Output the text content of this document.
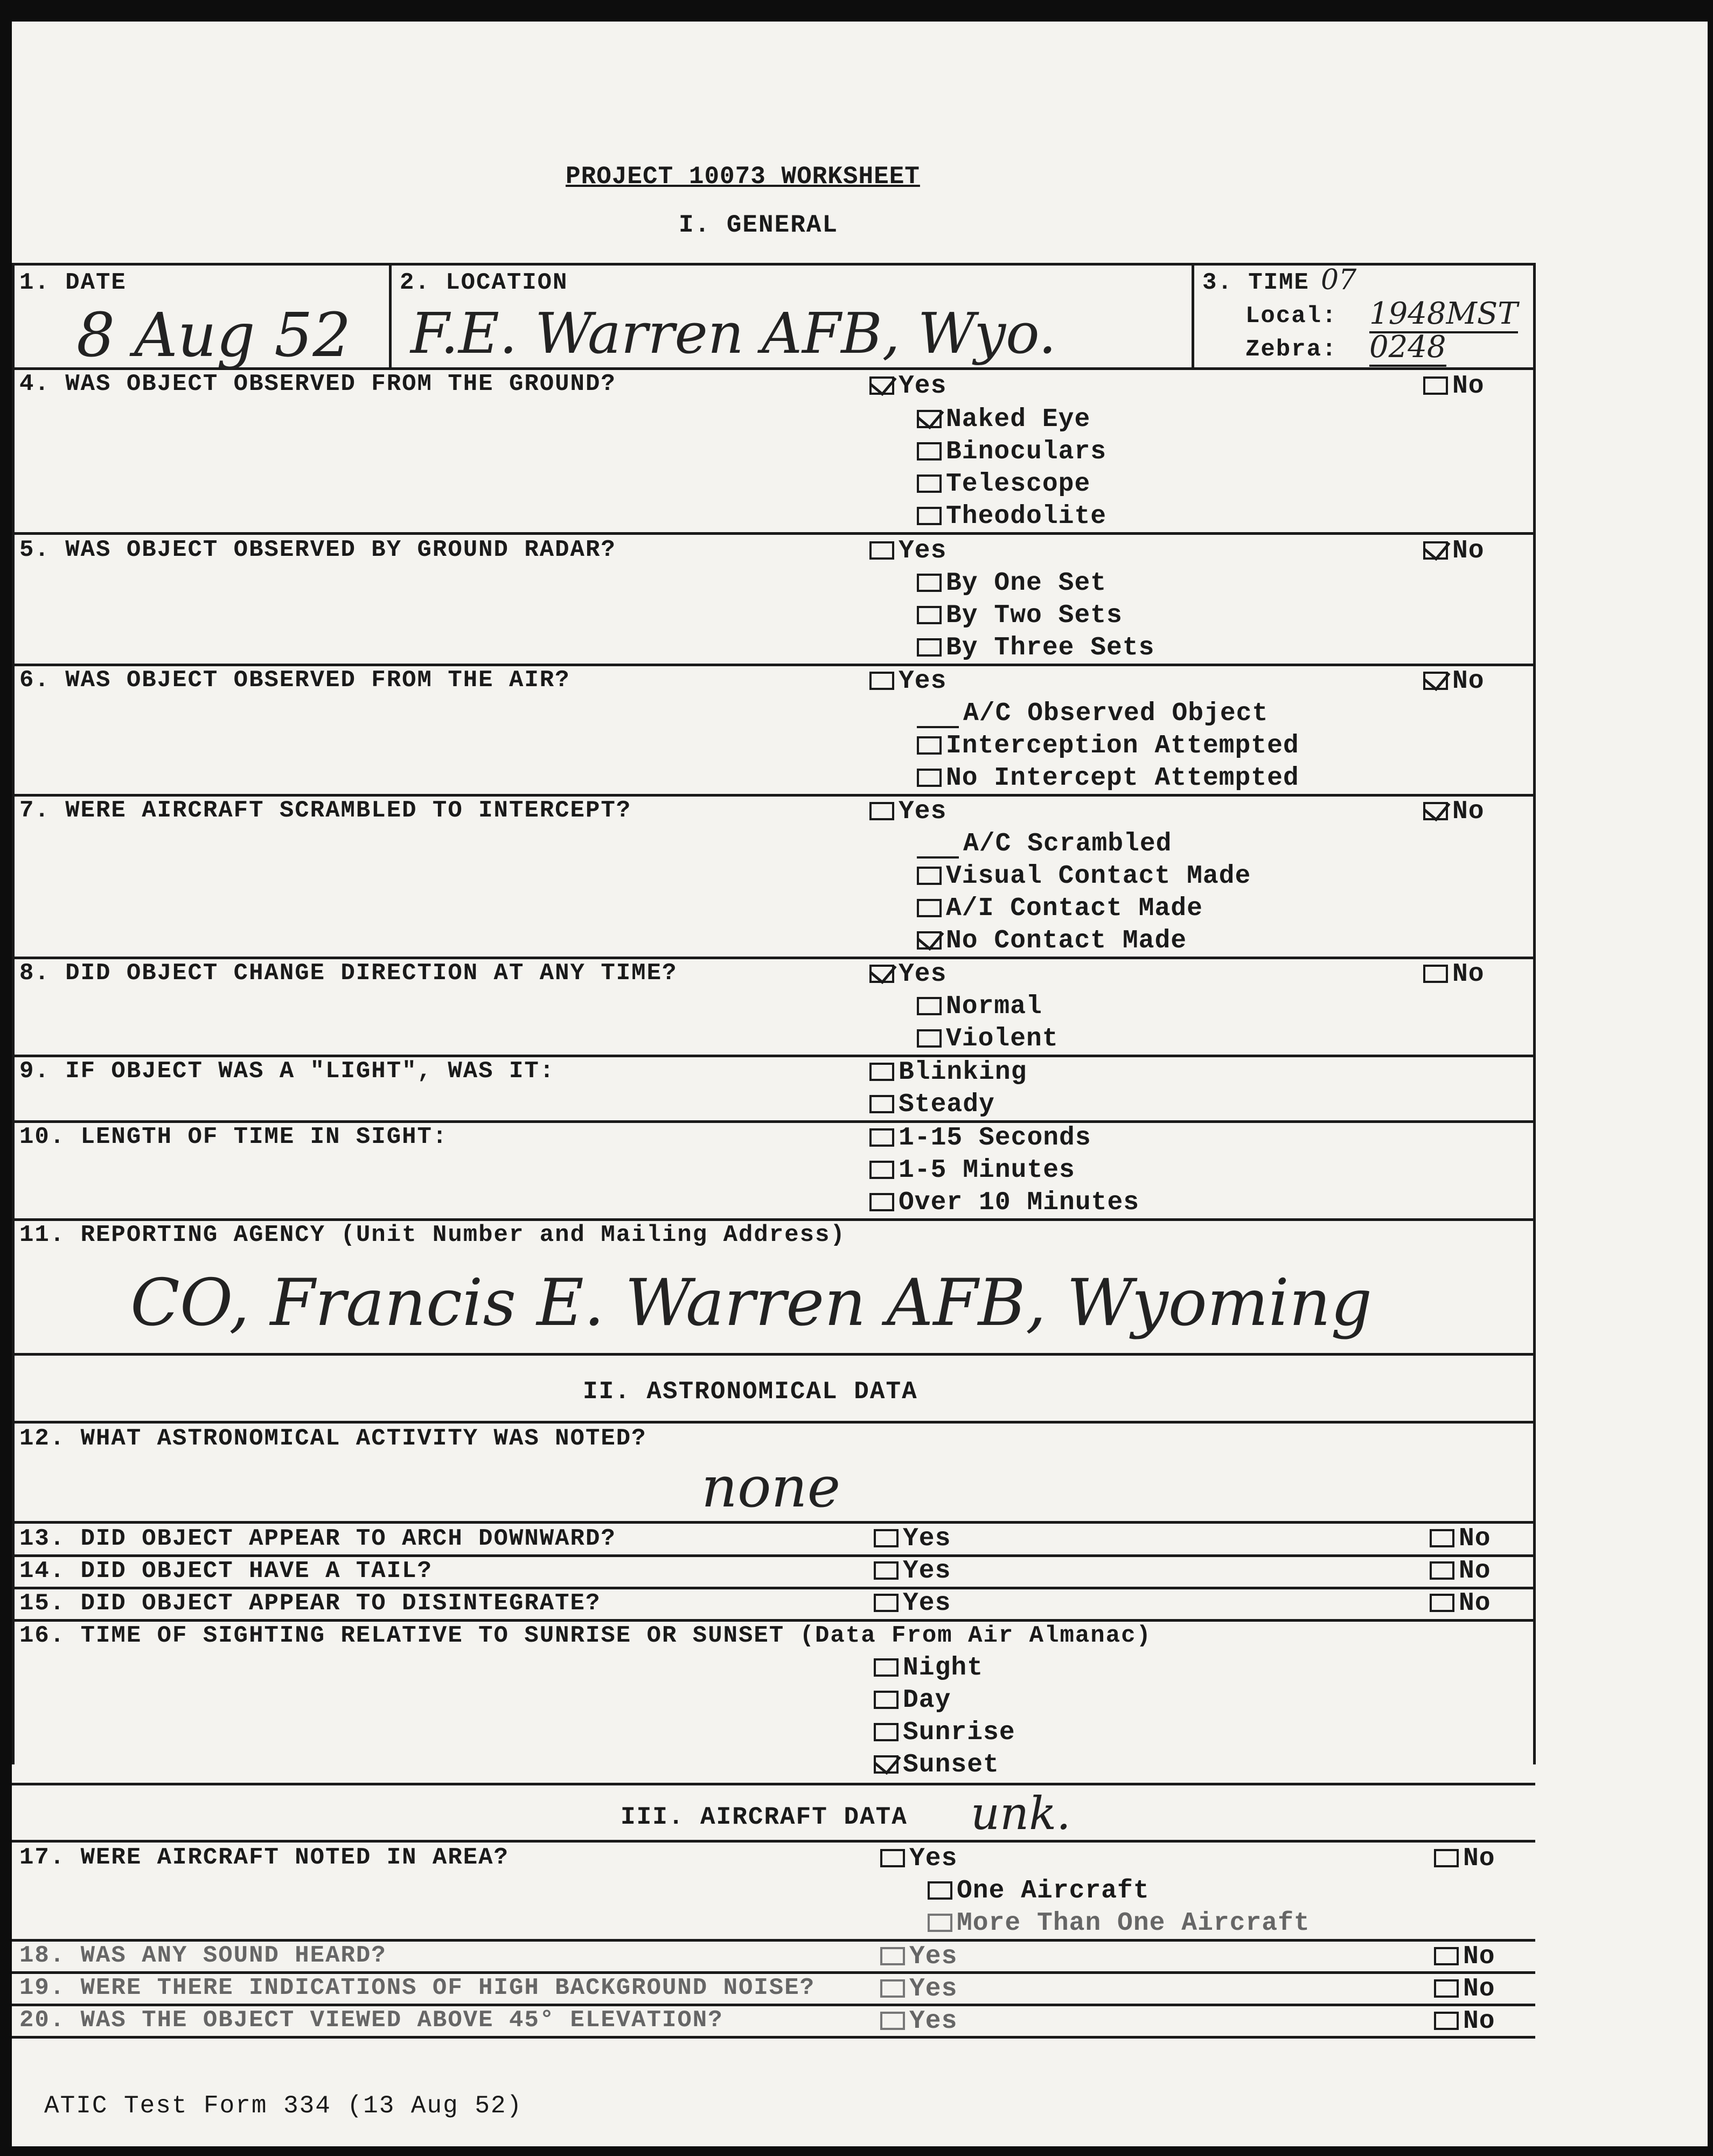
PROJECT 10073 WORKSHEET
I. GENERAL
1. DATE
8 Aug 52
2. LOCATION
F.E. Warren AFB, Wyo.
3. TIME 07
Local: 1948MST
Zebra: 0248
4. WAS OBJECT OBSERVED FROM THE GROUND?	Yes	No
Naked Eye
Binoculars
Telescope
Theodolite
5. WAS OBJECT OBSERVED BY GROUND RADAR?	Yes	No
By One Set
By Two Sets
By Three Sets
6. WAS OBJECT OBSERVED FROM THE AIR?	Yes	No
A/C Observed Object
Interception Attempted
No Intercept Attempted
7. WERE AIRCRAFT SCRAMBLED TO INTERCEPT?	Yes	No
A/C Scrambled
Visual Contact Made
A/I Contact Made
No Contact Made
8. DID OBJECT CHANGE DIRECTION AT ANY TIME?	Yes	No
Normal
Violent
9. IF OBJECT WAS A "LIGHT", WAS IT:	Blinking
Steady
10. LENGTH OF TIME IN SIGHT:	1-15 Seconds
1-5 Minutes
Over 10 Minutes
11. REPORTING AGENCY (Unit Number and Mailing Address)
CO, Francis E. Warren AFB, Wyoming
II. ASTRONOMICAL DATA
12. WHAT ASTRONOMICAL ACTIVITY WAS NOTED?
none
13. DID OBJECT APPEAR TO ARCH DOWNWARD?	Yes	No
14. DID OBJECT HAVE A TAIL?	Yes	No
15. DID OBJECT APPEAR TO DISINTEGRATE?	Yes	No
16. TIME OF SIGHTING RELATIVE TO SUNRISE OR SUNSET (Data From Air Almanac)
Night
Day
Sunrise
Sunset
III. AIRCRAFT DATA unk.
17. WERE AIRCRAFT NOTED IN AREA?	Yes	No
One Aircraft
More Than One Aircraft
18. WAS ANY SOUND HEARD?	Yes	No
19. WERE THERE INDICATIONS OF HIGH BACKGROUND NOISE?	Yes	No
20. WAS THE OBJECT VIEWED ABOVE 45° ELEVATION?	Yes	No
ATIC Test Form 334 (13 Aug 52)
